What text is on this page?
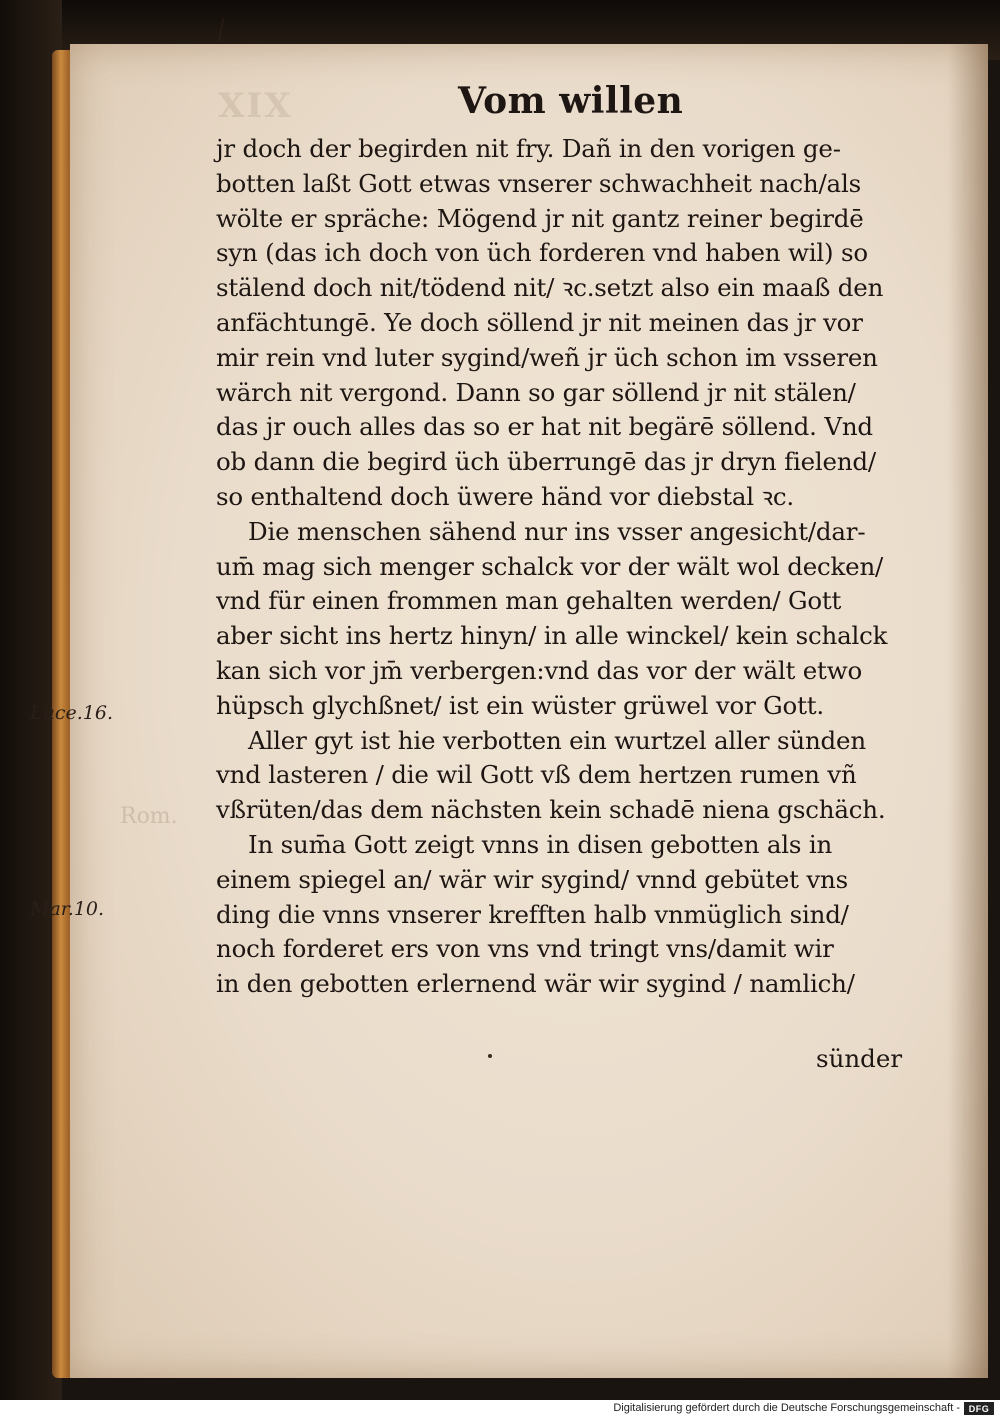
XIX	Vom willen
jr doch der begirden nit fry. Dañ in den vorigen ge-
botten laßt Gott etwas vnserer schwachheit nach/als
wölte er spräche: Mögend jr nit gantz reiner begirdē
syn (das ich doch von üch forderen vnd haben wil) so
stälend doch nit/tödend nit/ ꝛc.setzt also ein maaß den
anfächtungē. Ye doch söllend jr nit meinen das jr vor
mir rein vnd luter sygind/weñ jr üch schon im vsseren
wärch nit vergond. Dann so gar söllend jr nit stälen/
das jr ouch alles das so er hat nit begärē söllend. Vnd
ob dann die begird üch überrungē das jr dryn fielend/
so enthaltend doch üwere händ vor diebstal ꝛc.
Die menschen sähend nur ins vsser angesicht/dar-
um̄ mag sich menger schalck vor der wält wol decken/
vnd für einen frommen man gehalten werden/ Gott
aber sicht ins hertz hinyn/ in alle winckel/ kein schalck
kan sich vor jm̄ verbergen:vnd das vor der wält etwo
hüpsch glychßnet/ ist ein wüster grüwel vor Gott.
Aller gyt ist hie verbotten ein wurtzel aller sünden
vnd lasteren / die wil Gott vß dem hertzen rumen vñ
vßrüten/das dem nächsten kein schadē niena gschäch.
In sum̄a Gott zeigt vnns in disen gebotten als in
einem spiegel an/ wär wir sygind/ vnnd gebütet vns
ding die vnns vnserer krefften halb vnmüglich sind/
noch forderet ers von vns vnd tringt vns/damit wir
in den gebotten erlernend wär wir sygind / namlich/
sünder
Rom.
Luce.16.
Mar.10.
Digitalisierung gefördert durch die Deutsche Forschungsgemeinschaft - DFG
